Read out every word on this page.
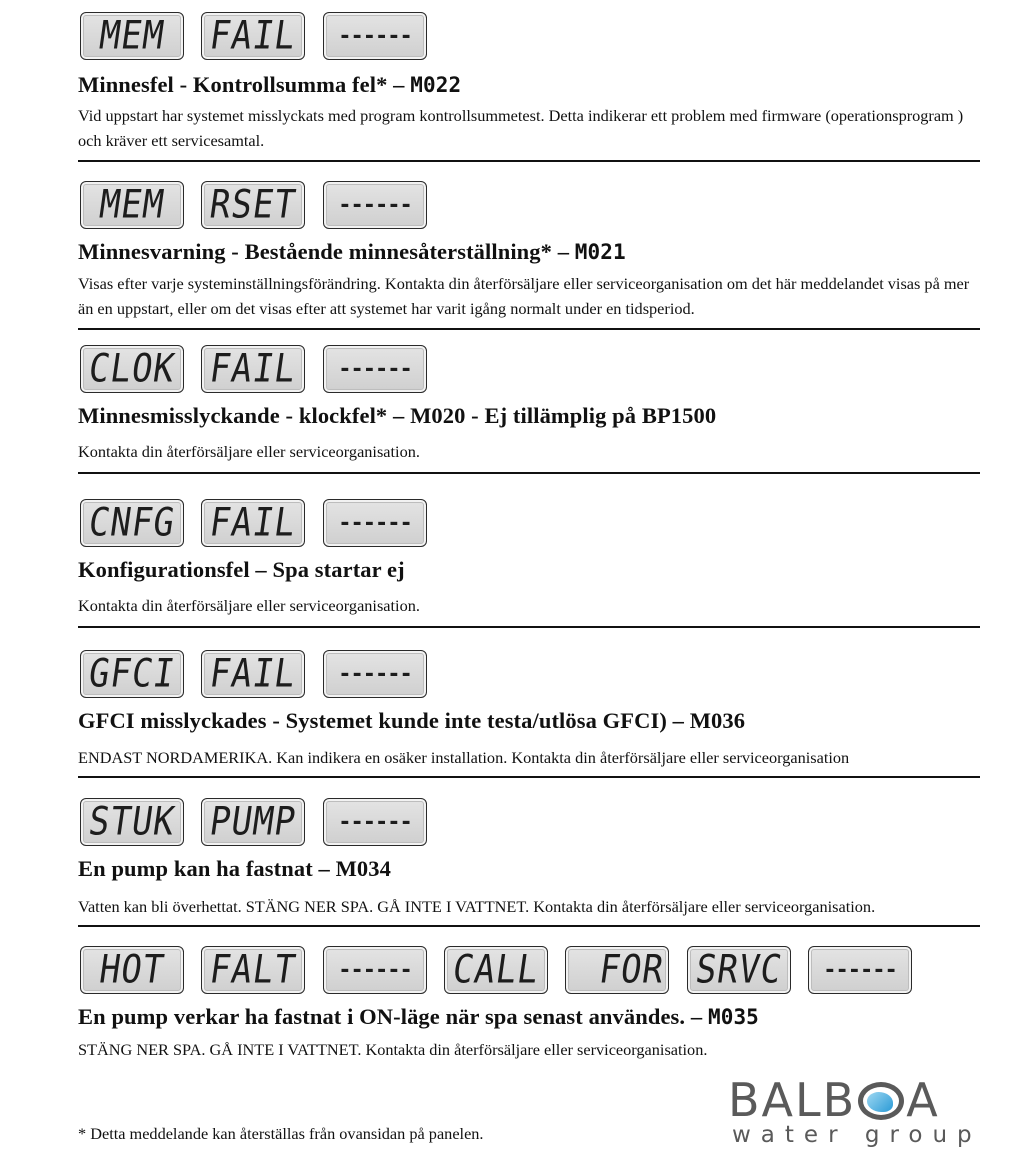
MEM	FAIL	------
Minnesfel - Kontrollsumma fel* – M022
Vid uppstart har systemet misslyckats med program kontrollsummetest. Detta indikerar ett problem med firmware (operationsprogram ) och kräver ett servicesamtal.
MEM	RSET	------
Minnesvarning - Bestående minnesåterställning* – M021
Visas efter varje systeminställningsförändring. Kontakta din återförsäljare eller serviceorganisation om det här meddelandet visas på mer än en uppstart, eller om det visas efter att systemet har varit igång normalt under en tidsperiod.
CLOK FAIL	------
Minnesmisslyckande - klockfel* – M020 - Ej tillämplig på BP1500
Kontakta din återförsäljare eller serviceorganisation.
CNFG FAIL	------
Konfigurationsfel – Spa startar ej
Kontakta din återförsäljare eller serviceorganisation.
GFCI FAIL	------
GFCI misslyckades - Systemet kunde inte testa/utlösa GFCI) – M036
ENDAST NORDAMERIKA. Kan indikera en osäker installation. Kontakta din återförsäljare eller serviceorganisation
STUK PUMP	------
En pump kan ha fastnat – M034
Vatten kan bli överhettat. STÄNG NER SPA. GÅ INTE I VATTNET. Kontakta din återförsäljare eller serviceorganisation.
HOT	FALT	------	CALL	FOR SRVC	------
En pump verkar ha fastnat i ON-läge när spa senast användes. – M035
STÄNG NER SPA. GÅ INTE I VATTNET. Kontakta din återförsäljare eller serviceorganisation.
* Detta meddelande kan återställas från ovansidan på panelen.
BALB A
water group
